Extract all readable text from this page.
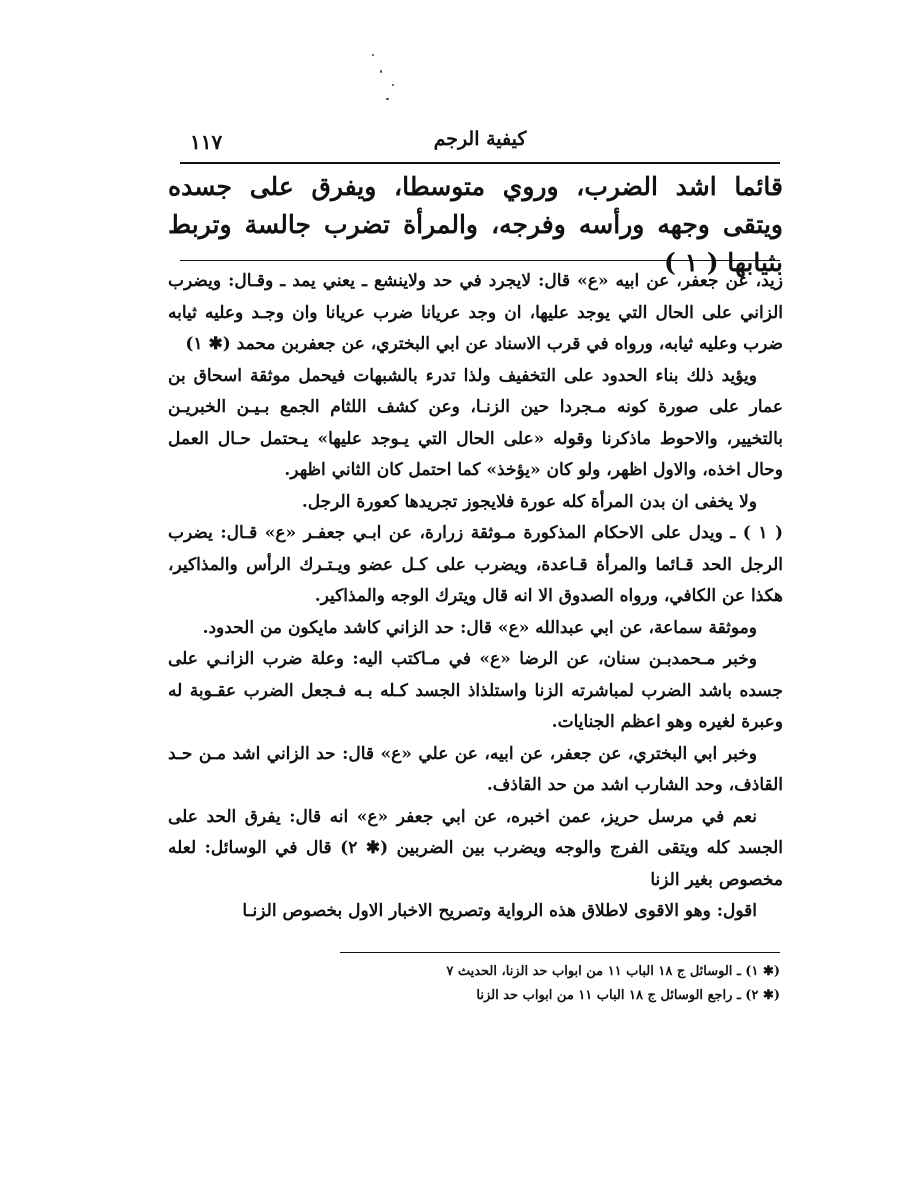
كيفية الرجم
١١٧

قائما اشد الضرب، وروي متوسطا، ويفرق على جسده ويتقى وجهه ورأسه وفرجه، والمرأة تضرب جالسة وتربط بثيابها ( ١ )

زيد، عن جعفر، عن ابيه «ع» قال: لايجرد في حد ولاينشع ـ يعني يمد ـ وقـال: ويضرب الزاني على الحال التي يوجد عليها، ان وجد عريانا ضرب عريانا وان وجـد وعليه ثيابه ضرب وعليه ثيابه، ورواه في قرب الاسناد عن ابي البختري، عن جعفربن محمد (✱ ١)

ويؤيد ذلك بناء الحدود على التخفيف ولذا تدرء بالشبهات فيحمل موثقة اسحاق بن عمار على صورة كونه مـجردا حين الزنـا، وعن كشف اللثام الجمع بـيـن الخبريـن بالتخيير، والاحوط ماذكرنا وقوله «على الحال التي يـوجد عليها» يـحتمل حـال العمل وحال اخذه، والاول اظهر، ولو كان «يؤخذ» كما احتمل كان الثاني اظهر.

ولا يخفى ان بدن المرأة كله عورة فلايجوز تجريدها كعورة الرجل.

( ١ ) ـ ويدل على الاحكام المذكورة مـوثقة زرارة، عن ابـي جعفـر «ع» قـال: يضرب الرجل الحد قـائما والمرأة قـاعدة، ويضرب على كـل عضو ويـتـرك الرأس والمذاكير، هكذا عن الكافي، ورواه الصدوق الا انه قال ويترك الوجه والمذاكير.

وموثقة سماعة، عن ابي عبدالله «ع» قال: حد الزاني كاشد مايكون من الحدود.

وخبر مـحمدبـن سنان، عن الرضا «ع» في مـاكتب اليه: وعلة ضرب الزانـي على جسده باشد الضرب لمباشرته الزنا واستلذاذ الجسد كـله بـه فـجعل الضرب عقـوبة له وعبرة لغيره وهو اعظم الجنايات.

وخبر ابي البختري، عن جعفر، عن ابيه، عن علي «ع» قال: حد الزاني اشد مـن حـد القاذف، وحد الشارب اشد من حد القاذف.

نعم في مرسل حريز، عمن اخبره، عن ابي جعفر «ع» انه قال: يفرق الحد على الجسد كله ويتقى الفرج والوجه ويضرب بين الضربين (✱ ٢) قال في الوسائل: لعله مخصوص بغير الزنا

اقول: وهو الاقوى لاطلاق هذه الرواية وتصريح الاخبار الاول بخصوص الزنـا

(✱ ١) ـ الوسائل ج ١٨ الباب ١١ من ابواب حد الزنا، الحديث ٧

(✱ ٢) ـ راجع الوسائل ج ١٨ الباب ١١ من ابواب حد الزنا
